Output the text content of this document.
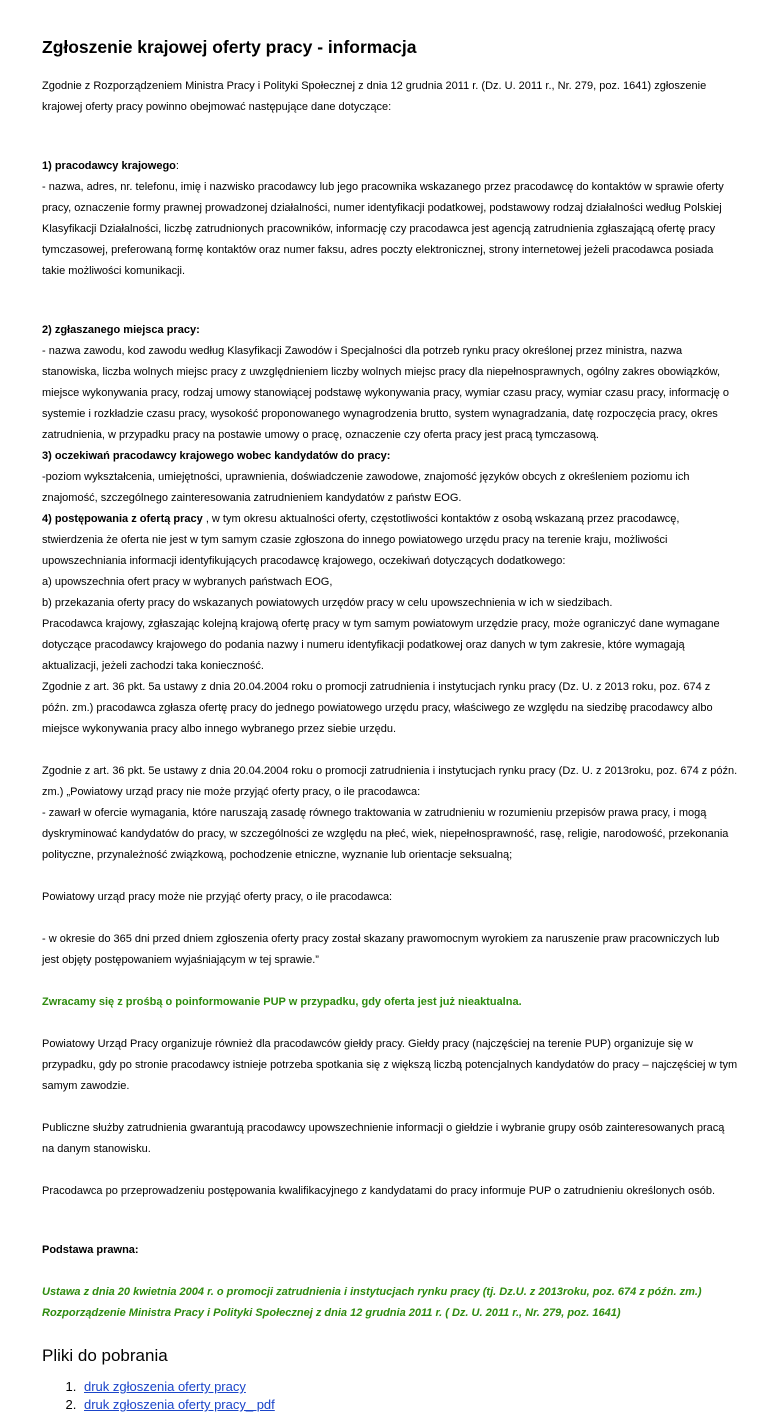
Zgłoszenie krajowej oferty pracy - informacja

Zgodnie z Rozporządzeniem Ministra Pracy i Polityki Społecznej z dnia 12 grudnia 2011 r. (Dz. U. 2011 r., Nr. 279, poz. 1641) zgłoszenie krajowej oferty pracy powinno obejmować następujące dane dotyczące:

1) pracodawcy krajowego:

- nazwa, adres, nr. telefonu, imię i nazwisko pracodawcy lub jego pracownika wskazanego przez pracodawcę do kontaktów w sprawie oferty pracy, oznaczenie formy prawnej prowadzonej działalności, numer identyfikacji podatkowej, podstawowy rodzaj działalności według Polskiej Klasyfikacji Działalności, liczbę zatrudnionych pracowników, informację czy pracodawca jest agencją zatrudnienia zgłaszającą ofertę pracy tymczasowej, preferowaną formę kontaktów oraz numer faksu, adres poczty elektronicznej, strony internetowej jeżeli pracodawca posiada takie możliwości komunikacji.

2) zgłaszanego miejsca pracy:

- nazwa zawodu, kod zawodu według Klasyfikacji Zawodów i Specjalności dla potrzeb rynku pracy określonej przez ministra, nazwa stanowiska, liczba wolnych miejsc pracy z uwzględnieniem liczby wolnych miejsc pracy dla niepełnosprawnych, ogólny zakres obowiązków, miejsce wykonywania pracy, rodzaj umowy stanowiącej podstawę wykonywania pracy, wymiar czasu pracy, wymiar czasu pracy, informację o systemie i rozkładzie czasu pracy, wysokość proponowanego wynagrodzenia brutto, system wynagradzania, datę rozpoczęcia pracy, okres zatrudnienia, w przypadku pracy na postawie umowy o pracę, oznaczenie czy oferta pracy jest pracą tymczasową.

3) oczekiwań pracodawcy krajowego wobec kandydatów do pracy:

-poziom wykształcenia, umiejętności, uprawnienia, doświadczenie zawodowe, znajomość języków obcych z określeniem poziomu ich znajomość, szczególnego zainteresowania zatrudnieniem kandydatów z państw EOG.

4) postępowania z ofertą pracy , w tym okresu aktualności oferty, częstotliwości kontaktów z osobą wskazaną przez pracodawcę, stwierdzenia że oferta nie jest w tym samym czasie zgłoszona do innego powiatowego urzędu pracy na terenie kraju, możliwości upowszechniania informacji identyfikujących pracodawcę krajowego, oczekiwań dotyczących dodatkowego:

a) upowszechnia ofert pracy w wybranych państwach EOG,

b) przekazania oferty pracy do wskazanych powiatowych urzędów pracy w celu upowszechnienia w ich w siedzibach.

Pracodawca krajowy, zgłaszając kolejną krajową ofertę pracy w tym samym powiatowym urzędzie pracy, może ograniczyć dane wymagane dotyczące pracodawcy krajowego do podania nazwy i numeru identyfikacji podatkowej oraz danych w tym zakresie, które wymagają aktualizacji, jeżeli zachodzi taka konieczność.

Zgodnie z art. 36 pkt. 5a ustawy z dnia 20.04.2004 roku o promocji zatrudnienia i instytucjach rynku pracy (Dz. U. z 2013 roku, poz. 674 z późn. zm.) pracodawca zgłasza ofertę pracy do jednego powiatowego urzędu pracy, właściwego ze względu na siedzibę pracodawcy albo miejsce wykonywania pracy albo innego wybranego przez siebie urzędu.

Zgodnie z art. 36 pkt. 5e ustawy z dnia 20.04.2004 roku o promocji zatrudnienia i instytucjach rynku pracy (Dz. U. z 2013roku, poz. 674 z późn. zm.) „Powiatowy urząd pracy nie może przyjąć oferty pracy, o ile pracodawca:

- zawarł w ofercie wymagania, które naruszają zasadę równego traktowania w zatrudnieniu w rozumieniu przepisów prawa pracy, i mogą dyskryminować kandydatów do pracy, w szczególności ze względu na płeć, wiek, niepełnosprawność, rasę, religie, narodowość, przekonania polityczne, przynależność związkową, pochodzenie etniczne, wyznanie lub orientacje seksualną;

Powiatowy urząd pracy może nie przyjąć oferty pracy, o ile pracodawca:

- w okresie do 365 dni przed dniem zgłoszenia oferty pracy został skazany prawomocnym wyrokiem za naruszenie praw pracowniczych lub jest objęty postępowaniem wyjaśniającym w tej sprawie.”

Zwracamy się z prośbą o poinformowanie PUP w przypadku, gdy oferta jest już nieaktualna.

Powiatowy Urząd Pracy organizuje również dla pracodawców giełdy pracy. Giełdy pracy (najczęściej na terenie PUP) organizuje się w przypadku, gdy po stronie pracodawcy istnieje potrzeba spotkania się z większą liczbą potencjalnych kandydatów do pracy – najczęściej w tym samym zawodzie.

Publiczne służby zatrudnienia gwarantują pracodawcy upowszechnienie informacji o giełdzie i wybranie grupy osób zainteresowanych pracą na danym stanowisku.

Pracodawca po przeprowadzeniu postępowania kwalifikacyjnego z kandydatami do pracy informuje PUP o zatrudnieniu określonych osób.

Podstawa prawna:

Ustawa z dnia 20 kwietnia 2004 r. o promocji zatrudnienia i instytucjach rynku pracy (tj. Dz.U. z 2013roku, poz. 674 z późn. zm.)

Rozporządzenie Ministra Pracy i Polityki Społecznej z dnia 12 grudnia 2011 r. ( Dz. U. 2011 r., Nr. 279, poz. 1641)

Pliki do pobrania
1. druk zgłoszenia oferty pracy
2. druk zgłoszenia oferty pracy_ pdf
